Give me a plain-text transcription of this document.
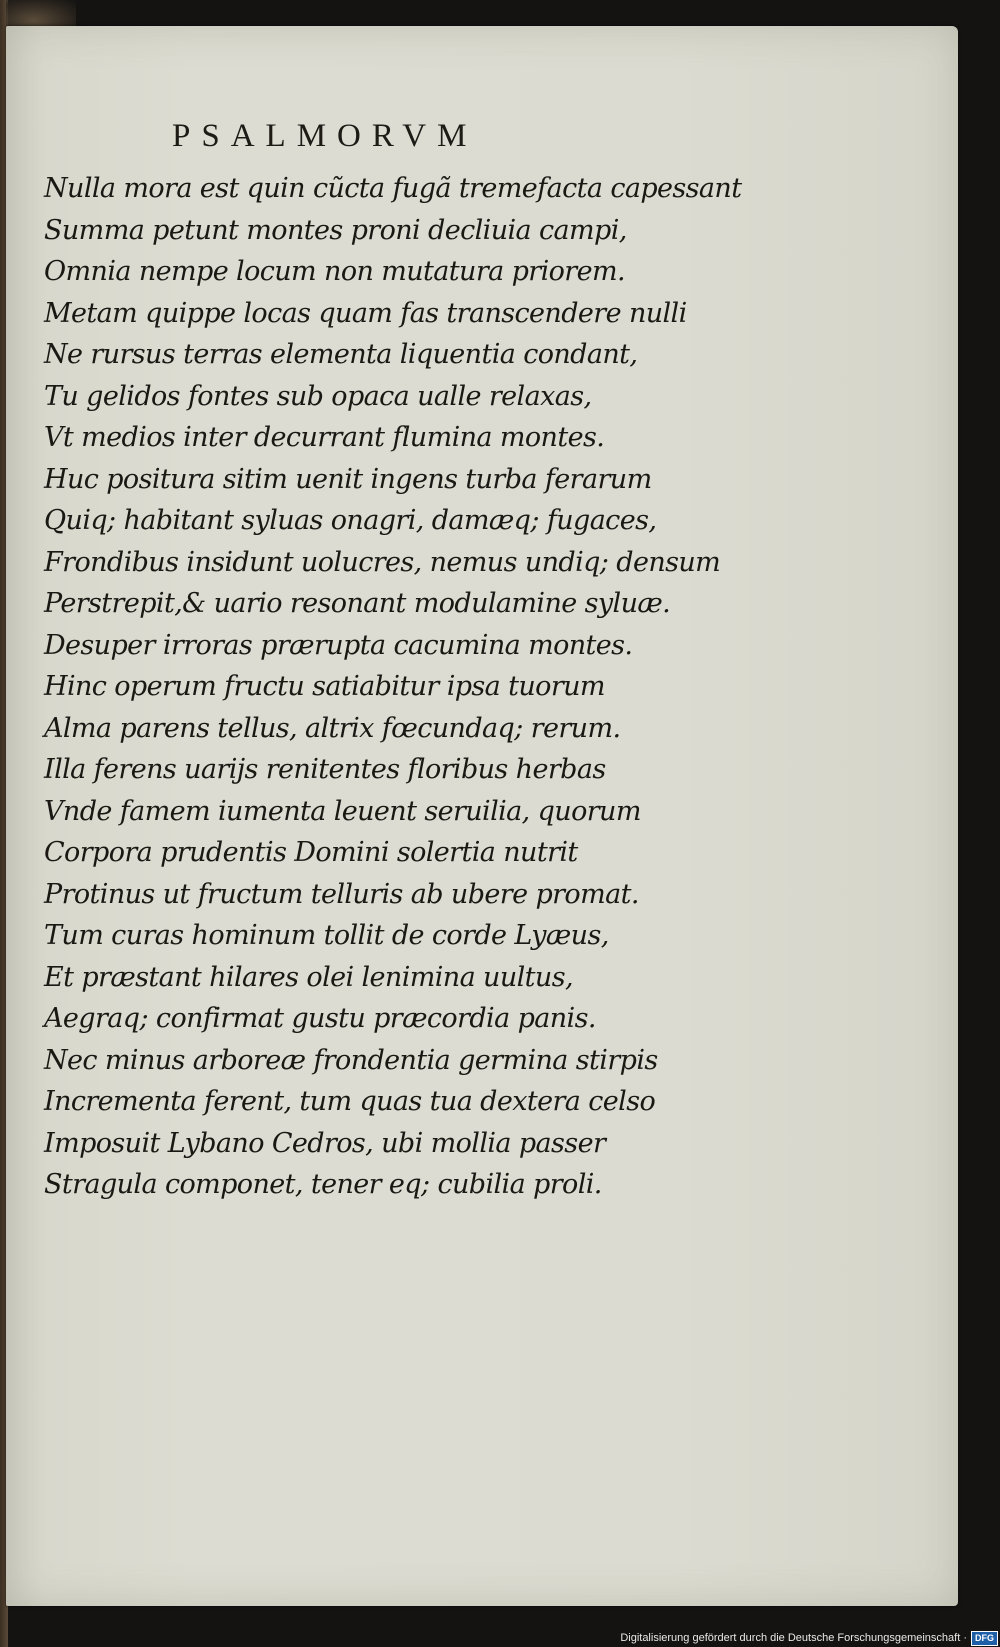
PSALMORVM
Nulla mora est quin cũcta fugã tremefacta capessant
Summa petunt montes proni decliuia campi,
Omnia nempe locum non mutatura priorem.
Metam quippe locas quam fas transcendere nulli
Ne rursus terras elementa liquentia condant,
Tu gelidos fontes sub opaca ualle relaxas,
Vt medios inter decurrant flumina montes.
Huc positura sitim uenit ingens turba ferarum
Quiq; habitant syluas onagri, damæq; fugaces,
Frondibus insidunt uolucres, nemus undiq; densum
Perstrepit,& uario resonant modulamine syluæ.
Desuper irroras prærupta cacumina montes.
Hinc operum fructu satiabitur ipsa tuorum
Alma parens tellus, altrix fœcundaq; rerum.
Illa ferens uarijs renitentes floribus herbas
Vnde famem iumenta leuent seruilia, quorum
Corpora prudentis Domini solertia nutrit
Protinus ut fructum telluris ab ubere promat.
Tum curas hominum tollit de corde Lyæus,
Et præstant hilares olei lenimina uultus,
Aegraq; confirmat gustu præcordia panis.
Nec minus arboreæ frondentia germina stirpis
Incrementa ferent, tum quas tua dextera celso
Imposuit Lybano Cedros, ubi mollia passer
Stragula componet, tener eq; cubilia proli.
Digitalisierung gefördert durch die Deutsche Forschungsgemeinschaft · DFG
